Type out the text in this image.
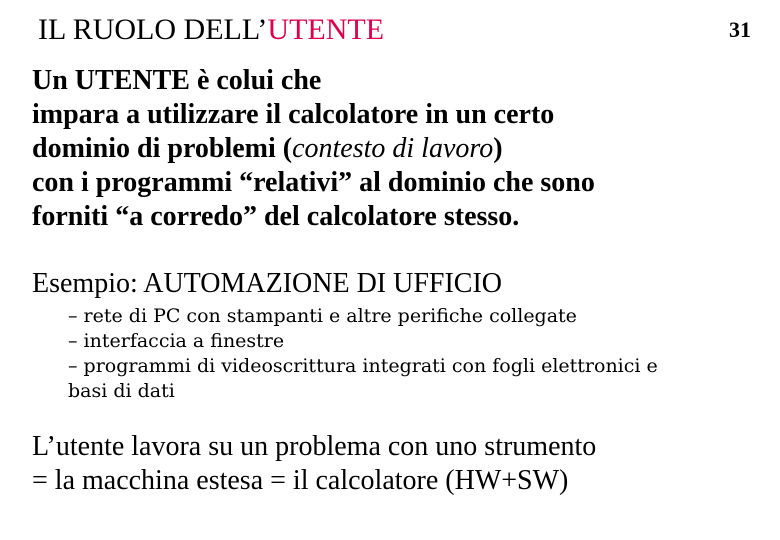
IL RUOLO DELL’UTENTE	31
Un UTENTE è colui che
impara a utilizzare il calcolatore in un certo
dominio di problemi (contesto di lavoro)
con i programmi “relativi” al dominio che sono
forniti “a corredo” del calcolatore stesso.
Esempio: AUTOMAZIONE DI UFFICIO
– rete di PC con stampanti e altre perifiche collegate
– interfaccia a finestre
– programmi di videoscrittura integrati con fogli elettronici e
basi di dati
L’utente lavora su un problema con uno strumento
= la macchina estesa = il calcolatore (HW+SW)
